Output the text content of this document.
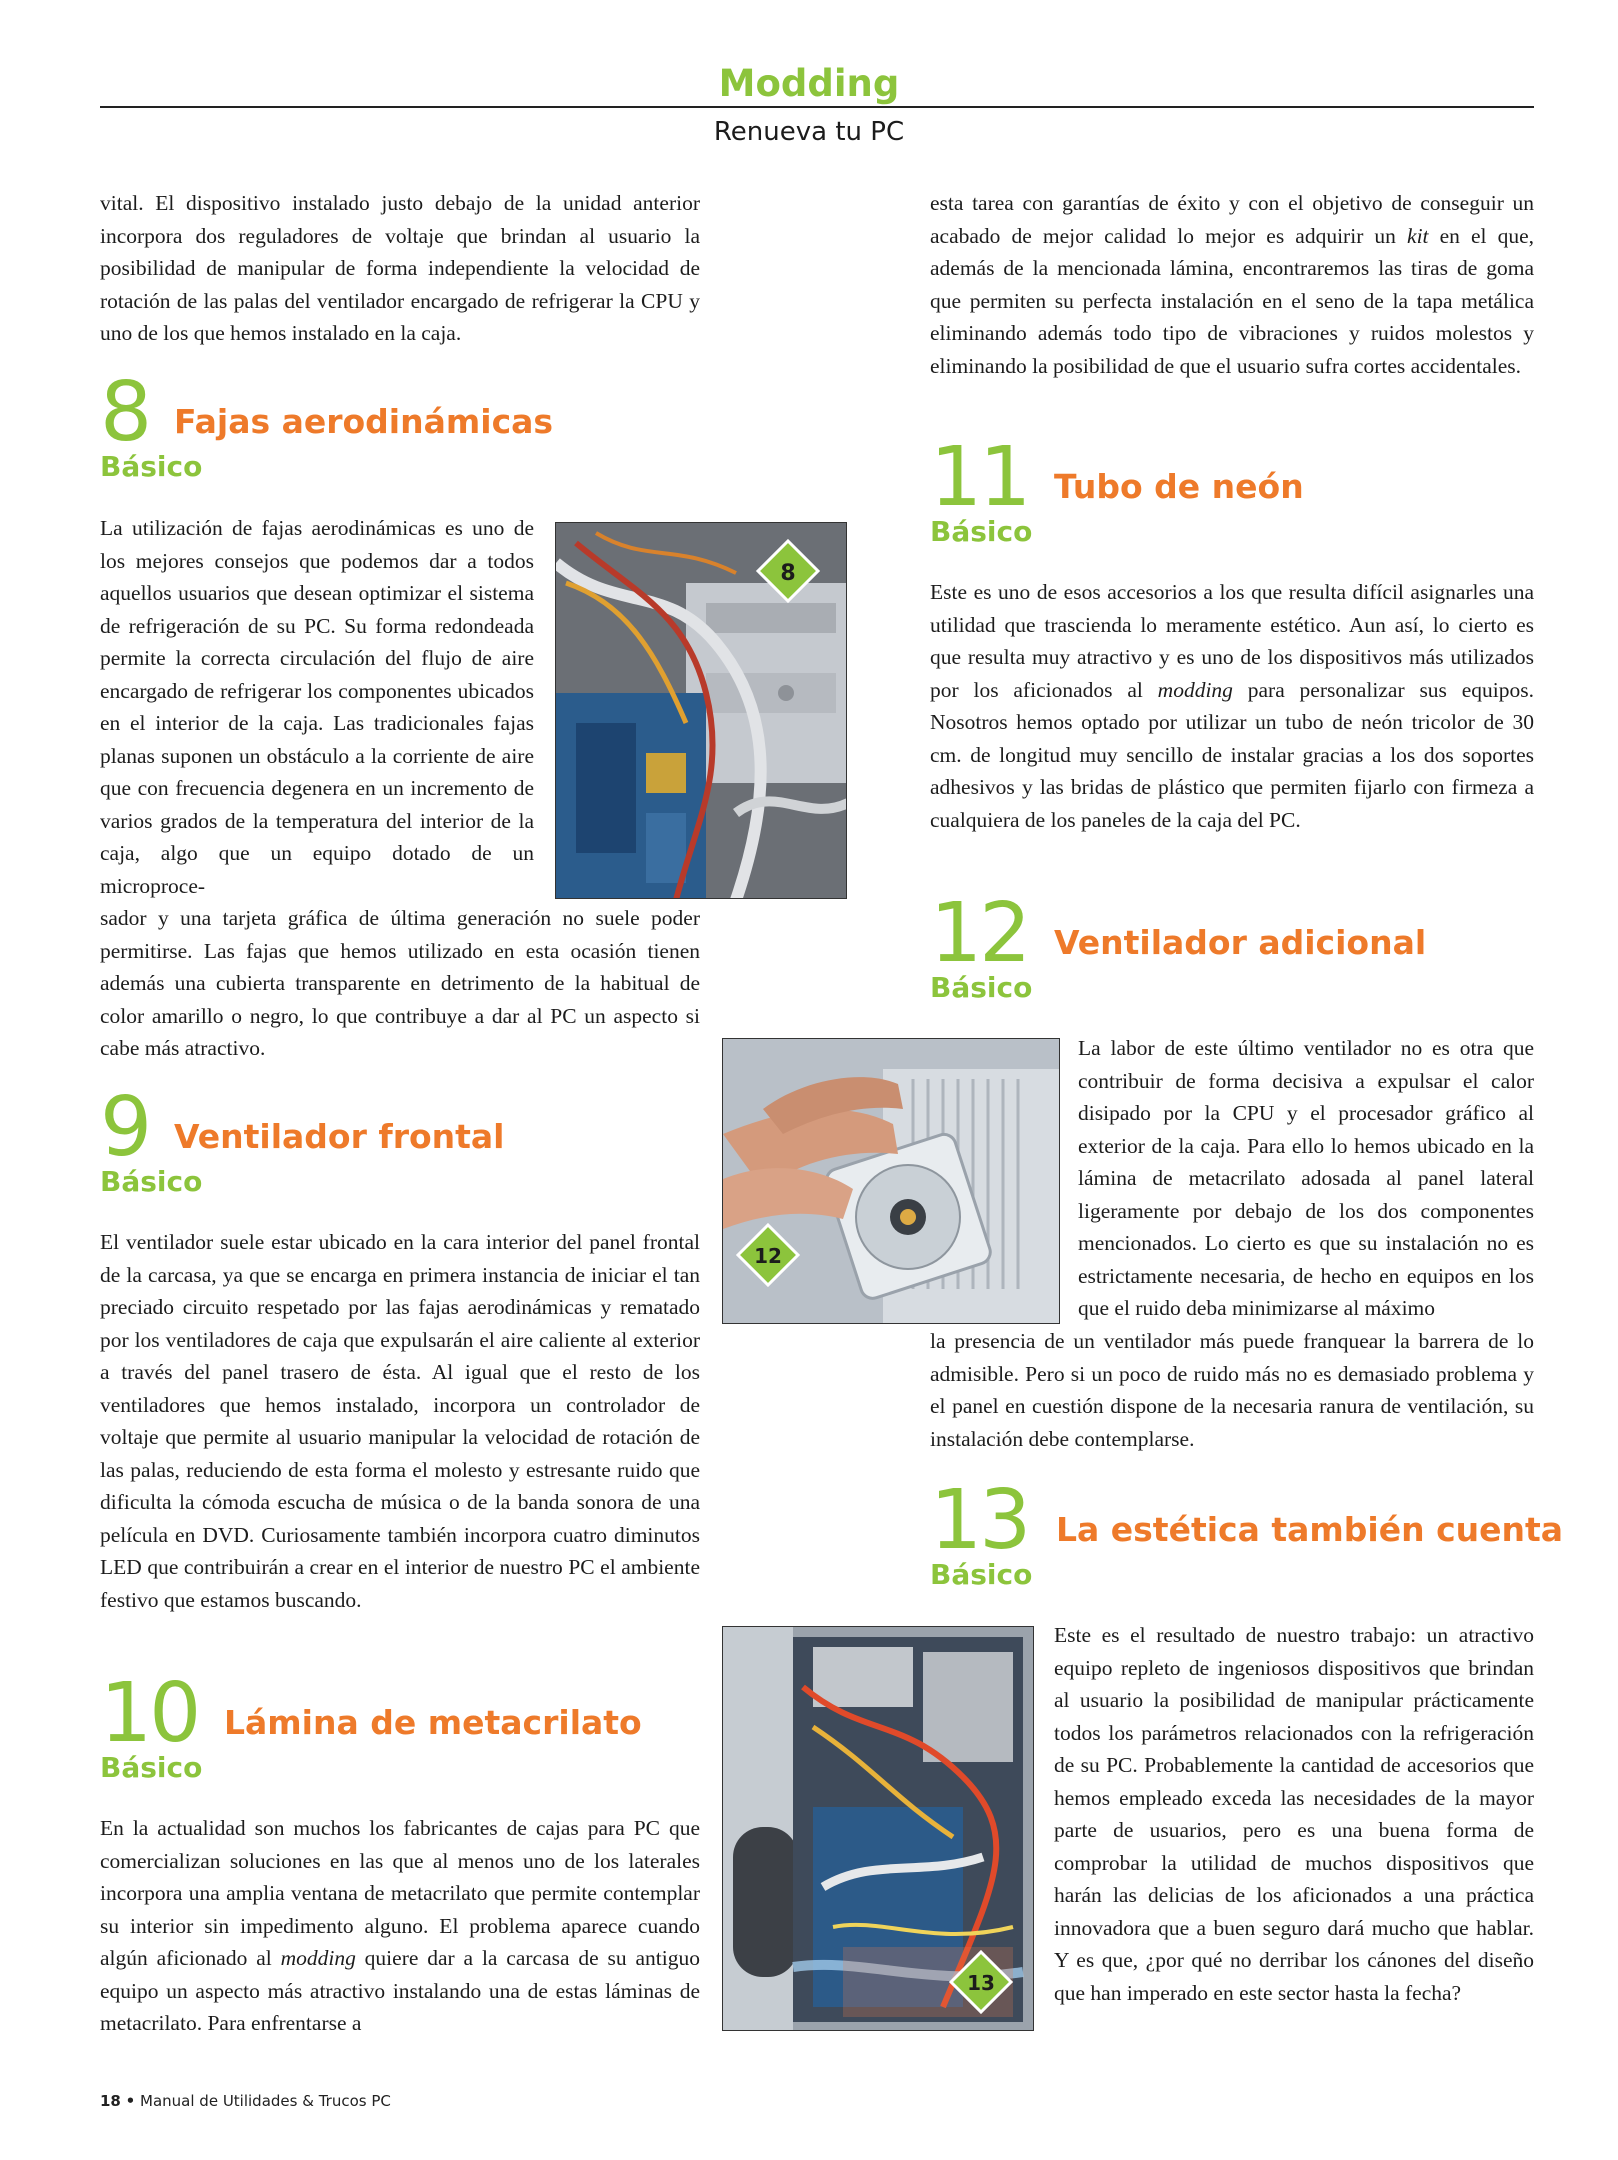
Modding
Renueva tu PC

vital. El dispositivo instalado justo debajo de la unidad anterior incorpora dos reguladores de voltaje que brindan al usuario la posibilidad de manipular de forma independiente la velocidad de rotación de las palas del ventilador encargado de refrigerar la CPU y uno de los que hemos instalado en la caja.

8 Fajas aerodinámicas
Básico

La utilización de fajas aerodinámicas es uno de los mejores consejos que podemos dar a todos aquellos usuarios que desean optimizar el sistema de refrigeración de su PC. Su forma redondeada permite la correcta circulación del flujo de aire encargado de refrigerar los componentes ubicados en el interior de la caja. Las tradicionales fajas planas suponen un obstáculo a la corriente de aire que con frecuencia degenera en un incremento de varios grados de la temperatura del interior de la caja, algo que un equipo dotado de un microproce-

sador y una tarjeta gráfica de última generación no suele poder permitirse. Las fajas que hemos utilizado en esta ocasión tienen además una cubierta transparente en detrimento de la habitual de color amarillo o negro, lo que contribuye a dar al PC un aspecto si cabe más atractivo.

8
9 Ventilador frontal
Básico

El ventilador suele estar ubicado en la cara interior del panel frontal de la carcasa, ya que se encarga en primera instancia de iniciar el tan preciado circuito respetado por las fajas aerodinámicas y rematado por los ventiladores de caja que expulsarán el aire caliente al exterior a través del panel trasero de ésta. Al igual que el resto de los ventiladores que hemos instalado, incorpora un controlador de voltaje que permite al usuario manipular la velocidad de rotación de las palas, reduciendo de esta forma el molesto y estresante ruido que dificulta la cómoda escucha de música o de la banda sonora de una película en DVD. Curiosamente también incorpora cuatro diminutos LED que contribuirán a crear en el interior de nuestro PC el ambiente festivo que estamos buscando.

10 Lámina de metacrilato
Básico

En la actualidad son muchos los fabricantes de cajas para PC que comercializan soluciones en las que al menos uno de los laterales incorpora una amplia ventana de metacrilato que permite contemplar su interior sin impedimento alguno. El problema aparece cuando algún aficionado al modding quiere dar a la carcasa de su antiguo equipo un aspecto más atractivo instalando una de estas láminas de metacrilato. Para enfrentarse a

esta tarea con garantías de éxito y con el objetivo de conseguir un acabado de mejor calidad lo mejor es adquirir un kit en el que, además de la mencionada lámina, encontraremos las tiras de goma que permiten su perfecta instalación en el seno de la tapa metálica eliminando además todo tipo de vibraciones y ruidos molestos y eliminando la posibilidad de que el usuario sufra cortes accidentales.

11 Tubo de neón
Básico

Este es uno de esos accesorios a los que resulta difícil asignarles una utilidad que trascienda lo meramente estético. Aun así, lo cierto es que resulta muy atractivo y es uno de los dispositivos más utilizados por los aficionados al modding para personalizar sus equipos. Nosotros hemos optado por utilizar un tubo de neón tricolor de 30 cm. de longitud muy sencillo de instalar gracias a los dos soportes adhesivos y las bridas de plástico que permiten fijarlo con firmeza a cualquiera de los paneles de la caja del PC.

12 Ventilador adicional
Básico

La labor de este último ventilador no es otra que contribuir de forma decisiva a expulsar el calor disipado por la CPU y el procesador gráfico al exterior de la caja. Para ello lo hemos ubicado en la lámina de metacrilato adosada al panel lateral ligeramente por debajo de los dos componentes mencionados. Lo cierto es que su instalación no es estrictamente necesaria, de hecho en equipos en los que el ruido deba minimizarse al máximo

la presencia de un ventilador más puede franquear la barrera de lo admisible. Pero si un poco de ruido más no es demasiado problema y el panel en cuestión dispone de la necesaria ranura de ventilación, su instalación debe contemplarse.

12
13 La estética también cuenta
Básico

Este es el resultado de nuestro trabajo: un atractivo equipo repleto de ingeniosos dispositivos que brindan al usuario la posibilidad de manipular prácticamente todos los parámetros relacionados con la refrigeración de su PC. Probablemente la cantidad de accesorios que hemos empleado exceda las necesidades de la mayor parte de usuarios, pero es una buena forma de comprobar la utilidad de muchos dispositivos que harán las delicias de los aficionados a una práctica innovadora que a buen seguro dará mucho que hablar. Y es que, ¿por qué no derribar los cánones del diseño que han imperado en este sector hasta la fecha?

13
18 • Manual de Utilidades & Trucos PC
